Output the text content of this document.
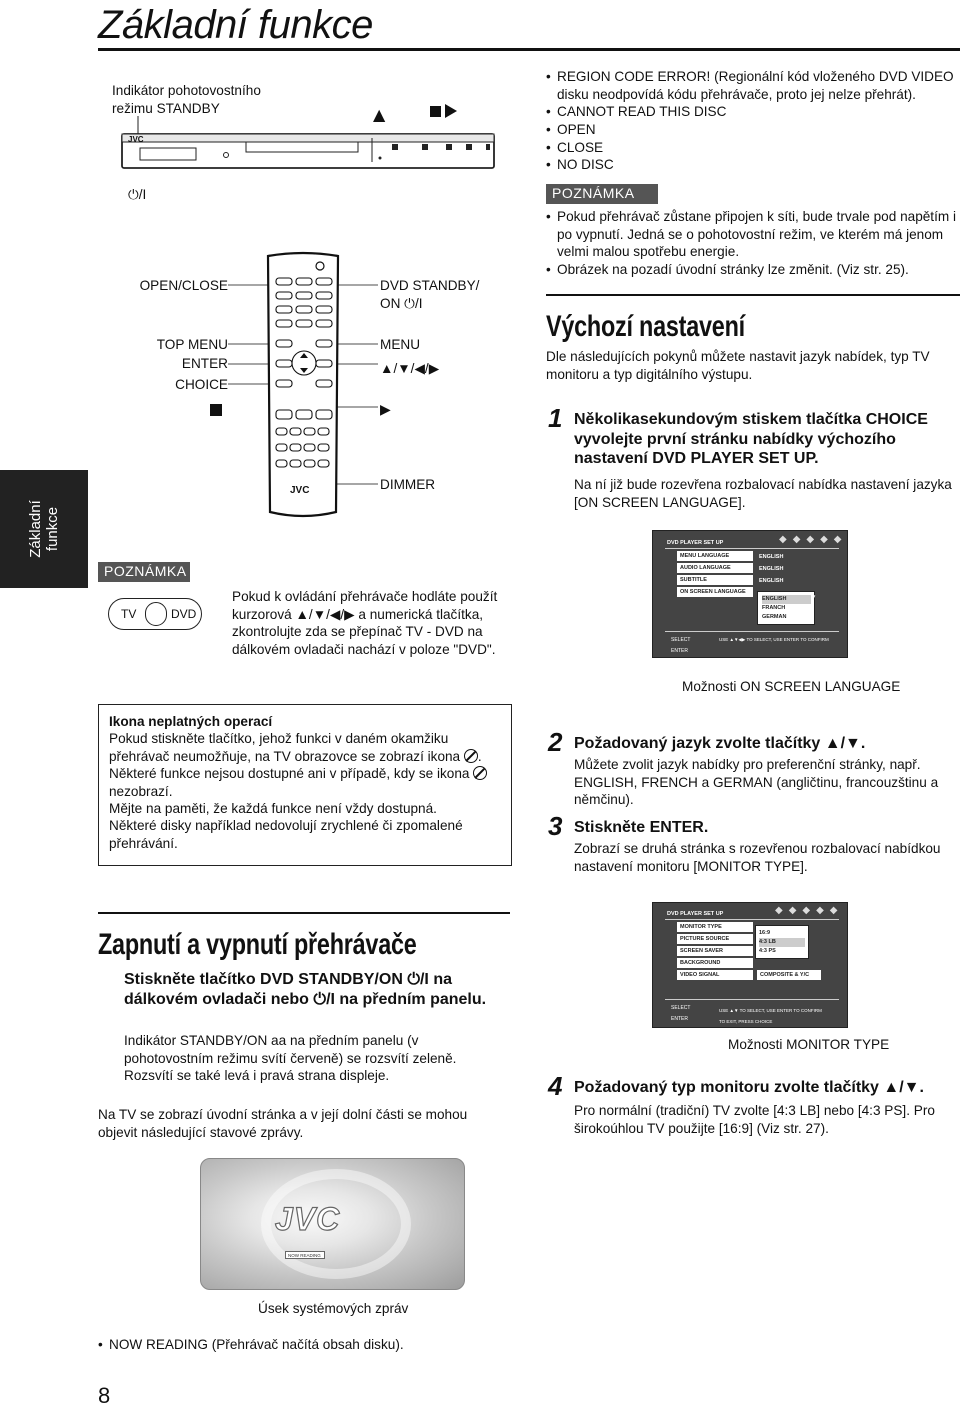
Základní funkce
Základní
funkce
Indikátor pohotovostního režimu STANDBY	▲
JVC
⏻/I
OPEN/CLOSE
TOP MENU
ENTER
CHOICE
JVC
DVD STANDBY/
ON ⏻/I
MENU
▲/▼/◀/▶
▶
DIMMER
POZNÁMKA
TV	DVD
Pokud k ovládání přehrávače hodláte použít kurzorová ▲/▼/◀/▶ a numerická tlačítka, zkontrolujte zda se přepínač TV - DVD na dálkovém ovladači nachází v poloze "DVD".
Ikona neplatných operací
Pokud stiskněte tlačítko, jehož funkci v daném okamžiku přehrávač neumožňuje, na TV obrazovce se zobrazí ikona .
Některé funkce nejsou dostupné ani v případě, kdy se ikona
nezobrazí.
Mějte na paměti, že každá funkce není vždy dostupná.
Některé disky například nedovolují zrychlené či zpomalené přehrávání.
Zapnutí a vypnutí přehrávače
Stiskněte tlačítko DVD STANDBY/ON ⏻/I na dálkovém ovladači nebo ⏻/I na předním panelu.
Indikátor STANDBY/ON aa na předním panelu (v pohotovostním režimu svítí červeně) se rozsvítí zeleně. Rozsvítí se také levá i pravá strana displeje.
Na TV se zobrazí úvodní stránka a v její dolní části se mohou objevit následující stavové zprávy.
JVC
NOW READING
Úsek systémových zpráv
• NOW READING (Přehrávač načítá obsah disku).
8
• REGION CODE ERROR! (Regionální kód vloženého DVD VIDEO disku neodpovídá kódu přehrávače, proto jej nelze přehrát).
• CANNOT READ THIS DISC
• OPEN
• CLOSE
• NO DISC
POZNÁMKA
• Pokud přehrávač zůstane připojen k síti, bude trvale pod napětím i po vypnutí. Jedná se o pohotovostní režim, ve kterém má jenom velmi malou spotřebu energie.
• Obrázek na pozadí úvodní stránky lze změnit. (Viz str. 25).
Výchozí nastavení
Dle následujících pokynů můžete nastavit jazyk nabídek, typ TV monitoru a typ digitálního výstupu.
1 Několikasekundovým stiskem tlačítka CHOICE vyvolejte první stránku nabídky výchozího nastavení DVD PLAYER SET UP.
Na ní již bude rozevřena rozbalovací nabídka nastavení jazyka [ON SCREEN LANGUAGE].
DVD PLAYER SET UP	◆◆◆◆◆
MENU LANGUAGE	ENGLISH
AUDIO LANGUAGE	ENGLISH
SUBTITLE	ENGLISH
ON SCREEN LANGUAGE
ENGLISH
FRANCH
GERMAN
▼
SELECT
ENTER
USE ▲▼◀▶ TO SELECT, USE ENTER TO CONFIRM
Možnosti ON SCREEN LANGUAGE
2 Požadovaný jazyk zvolte tlačítky ▲/▼.
Můžete zvolit jazyk nabídky pro preferenční stránky, např. ENGLISH, FRENCH a GERMAN (angličtinu, francouzštinu a němčinu).
3 Stiskněte ENTER.
Zobrazí se druhá stránka s rozevřenou rozbalovací nabídkou nastavení monitoru [MONITOR TYPE].
DVD PLAYER SET UP	◆◆◆◆◆
MONITOR TYPE
PICTURE SOURCE
SCREEN SAVER
BACKGROUND
VIDEO SIGNAL	COMPOSITE & Y/C
16:9
4:3 LB
4:3 PS
SELECT
ENTER
USE ▲▼ TO SELECT, USE ENTER TO CONFIRM
TO EXIT, PRESS CHOICE
Možnosti MONITOR TYPE
4 Požadovaný typ monitoru zvolte tlačítky ▲/▼.
Pro normální (tradiční) TV zvolte [4:3 LB] nebo [4:3 PS]. Pro širokoúhlou TV použijte [16:9] (Viz str. 27).
